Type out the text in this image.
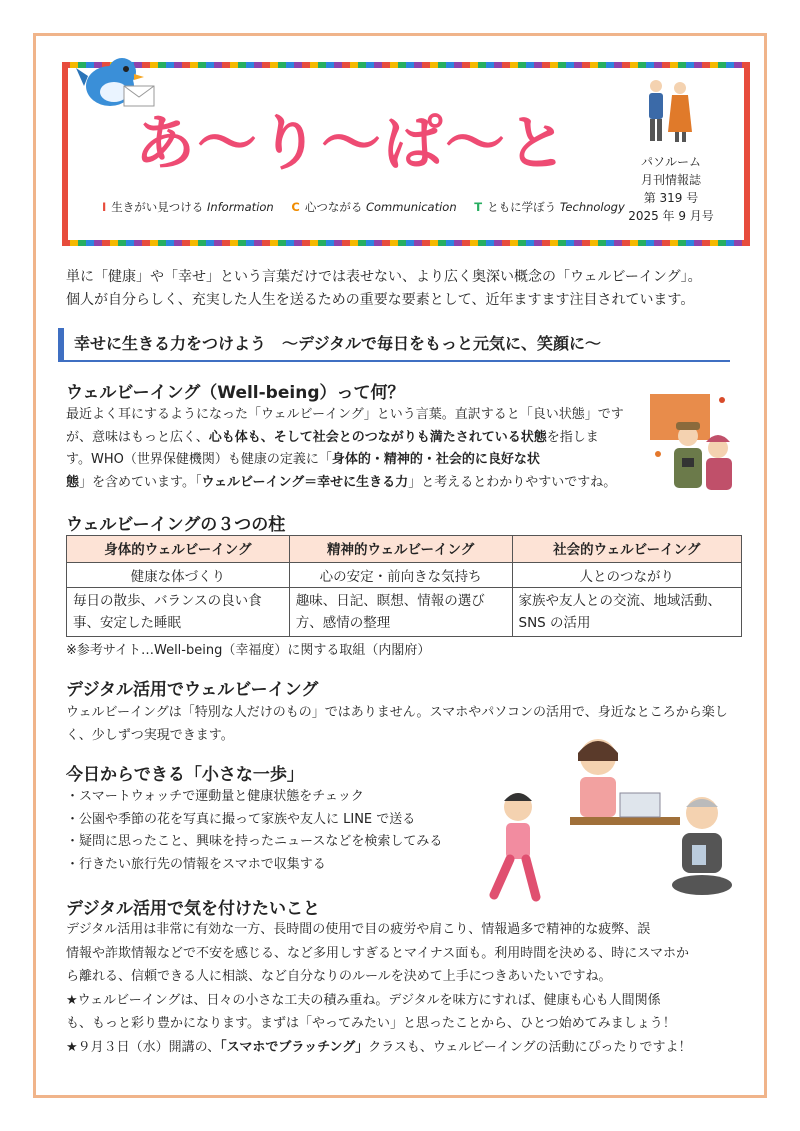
あ～り～ぱ～と
I 生きがい見つける Information C 心つながる Communication T ともに学ぼう Technology
パソルーム
月刊情報誌
第 319 号
2025 年 9 月号
単に「健康」や「幸せ」という言葉だけでは表せない、より広く奥深い概念の「ウェルビーイング」。
個人が自分らしく、充実した人生を送るための重要な要素として、近年ますます注目されています。
幸せに生きる力をつけよう　～デジタルで毎日をもっと元気に、笑顔に～
ウェルビーイング（Well-being）って何？
最近よく耳にするようになった「ウェルビーイング」という言葉。直訳すると「良い状態」です
が、意味はもっと広く、心も体も、そして社会とのつながりも満たされている状態を指しま
す。WHO（世界保健機関）も健康の定義に「身体的・精神的・社会的に良好な状
態」を含めています。「ウェルビーイング＝幸せに生きる力」と考えるとわかりやすいですね。
ウェルビーイングの３つの柱
身体的ウェルビーイング	精神的ウェルビーイング	社会的ウェルビーイング
健康な体づくり	心の安定・前向きな気持ち	人とのつながり
毎日の散歩、バランスの良い食事、安定した睡眠	趣味、日記、瞑想、情報の選び方、感情の整理	家族や友人との交流、地域活動、SNS の活用
※参考サイト…Well-being（幸福度）に関する取組（内閣府）
デジタル活用でウェルビーイング
ウェルビーイングは「特別な人だけのもの」ではありません。スマホやパソコンの活用で、身近なところから楽し
く、少しずつ実現できます。
今日からできる「小さな一歩」
・スマートウォッチで運動量と健康状態をチェック
・公園や季節の花を写真に撮って家族や友人に LINE で送る
・疑問に思ったこと、興味を持ったニュースなどを検索してみる
・行きたい旅行先の情報をスマホで収集する
デジタル活用で気を付けたいこと
デジタル活用は非常に有効な一方、長時間の使用で目の疲労や肩こり、情報過多で精神的な疲弊、誤
情報や詐欺情報などで不安を感じる、など多用しすぎるとマイナス面も。利用時間を決める、時にスマホか
ら離れる、信頼できる人に相談、など自分なりのルールを決めて上手につきあいたいですね。
★ウェルビーイングは、日々の小さな工夫の積み重ね。デジタルを味方にすれば、健康も心も人間関係
も、もっと彩り豊かになります。まずは「やってみたい」と思ったことから、ひとつ始めてみましょう！
★９月３日（水）開講の、「スマホでブラッチング」クラスも、ウェルビーイングの活動にぴったりですよ！
